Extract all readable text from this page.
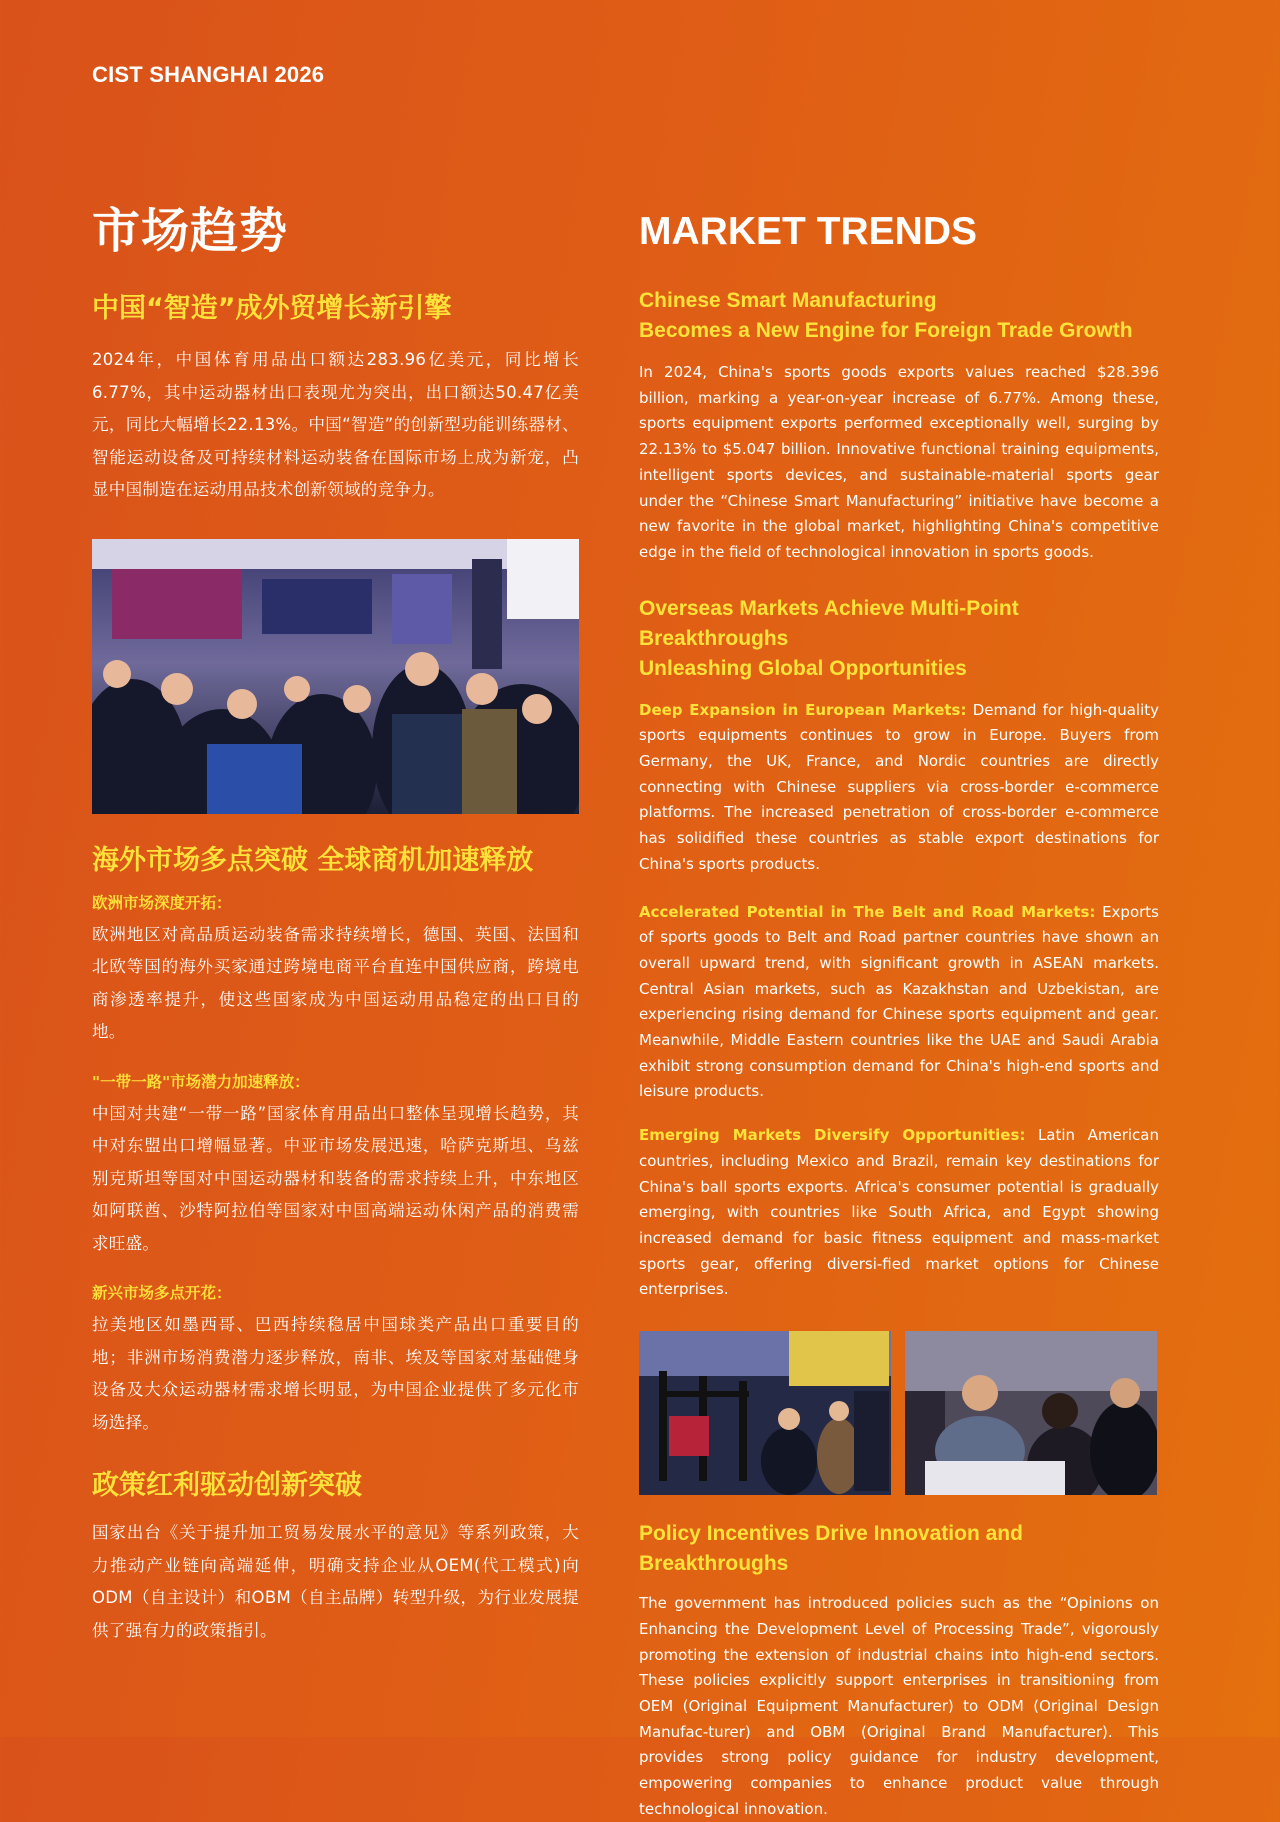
CIST SHANGHAI 2026
市场趋势
中国“智造”成外贸增长新引擎

2024年，中国体育用品出口额达283.96亿美元，同比增长6.77%，其中运动器材出口表现尤为突出，出口额达50.47亿美元，同比大幅增长22.13%。中国“智造”的创新型功能训练器材、智能运动设备及可持续材料运动装备在国际市场上成为新宠，凸显中国制造在运动用品技术创新领域的竞争力。

海外市场多点突破 全球商机加速释放
欧洲市场深度开拓：

欧洲地区对高品质运动装备需求持续增长，德国、英国、法国和北欧等国的海外买家通过跨境电商平台直连中国供应商，跨境电商渗透率提升，使这些国家成为中国运动用品稳定的出口目的地。

"一带一路"市场潜力加速释放：

中国对共建“一带一路”国家体育用品出口整体呈现增长趋势，其中对东盟出口增幅显著。中亚市场发展迅速，哈萨克斯坦、乌兹别克斯坦等国对中国运动器材和装备的需求持续上升，中东地区如阿联酋、沙特阿拉伯等国家对中国高端运动休闲产品的消费需求旺盛。

新兴市场多点开花：

拉美地区如墨西哥、巴西持续稳居中国球类产品出口重要目的地；非洲市场消费潜力逐步释放，南非、埃及等国家对基础健身设备及大众运动器材需求增长明显，为中国企业提供了多元化市场选择。

政策红利驱动创新突破

国家出台《关于提升加工贸易发展水平的意见》等系列政策，大力推动产业链向高端延伸，明确支持企业从OEM(代工模式)向ODM（自主设计）和OBM（自主品牌）转型升级，为行业发展提供了强有力的政策指引。

MARKET TRENDS
Chinese Smart Manufacturing
Becomes a New Engine for Foreign Trade Growth

In 2024, China's sports goods exports values reached $28.396 billion, marking a year-on-year increase of 6.77%. Among these, sports equipment exports performed exceptionally well, surging by 22.13% to $5.047 billion. Innovative functional training equipments, intelligent sports devices, and sustainable-material sports gear under the “Chinese Smart Manufacturing” initiative have become a new favorite in the global market, highlighting China's competitive edge in the field of technological innovation in sports goods.

Overseas Markets Achieve Multi-Point Breakthroughs
Unleashing Global Opportunities

Deep Expansion in European Markets: Demand for high-quality sports equipments continues to grow in Europe. Buyers from Germany, the UK, France, and Nordic countries are directly connecting with Chinese suppliers via cross-border e-commerce platforms. The increased penetration of cross-border e-commerce has solidified these countries as stable export destinations for China's sports products.

Accelerated Potential in The Belt and Road Markets: Exports of sports goods to Belt and Road partner countries have shown an overall upward trend, with significant growth in ASEAN markets. Central Asian markets, such as Kazakhstan and Uzbekistan, are experiencing rising demand for Chinese sports equipment and gear. Meanwhile, Middle Eastern countries like the UAE and Saudi Arabia exhibit strong consumption demand for China's high-end sports and leisure products.

Emerging Markets Diversify Opportunities: Latin American countries, including Mexico and Brazil, remain key destinations for China's ball sports exports. Africa's consumer potential is gradually emerging, with countries like South Africa, and Egypt showing increased demand for basic fitness equipment and mass-market sports gear, offering diversi-fied market options for Chinese enterprises.

Policy Incentives Drive Innovation and Breakthroughs

The government has introduced policies such as the “Opinions on Enhancing the Development Level of Processing Trade”, vigorously promoting the extension of industrial chains into high-end sectors. These policies explicitly support enterprises in transitioning from OEM (Original Equipment Manufacturer) to ODM (Original Design Manufac-turer) and OBM (Original Brand Manufacturer). This provides strong policy guidance for industry development, empowering companies to enhance product value through technological innovation.
